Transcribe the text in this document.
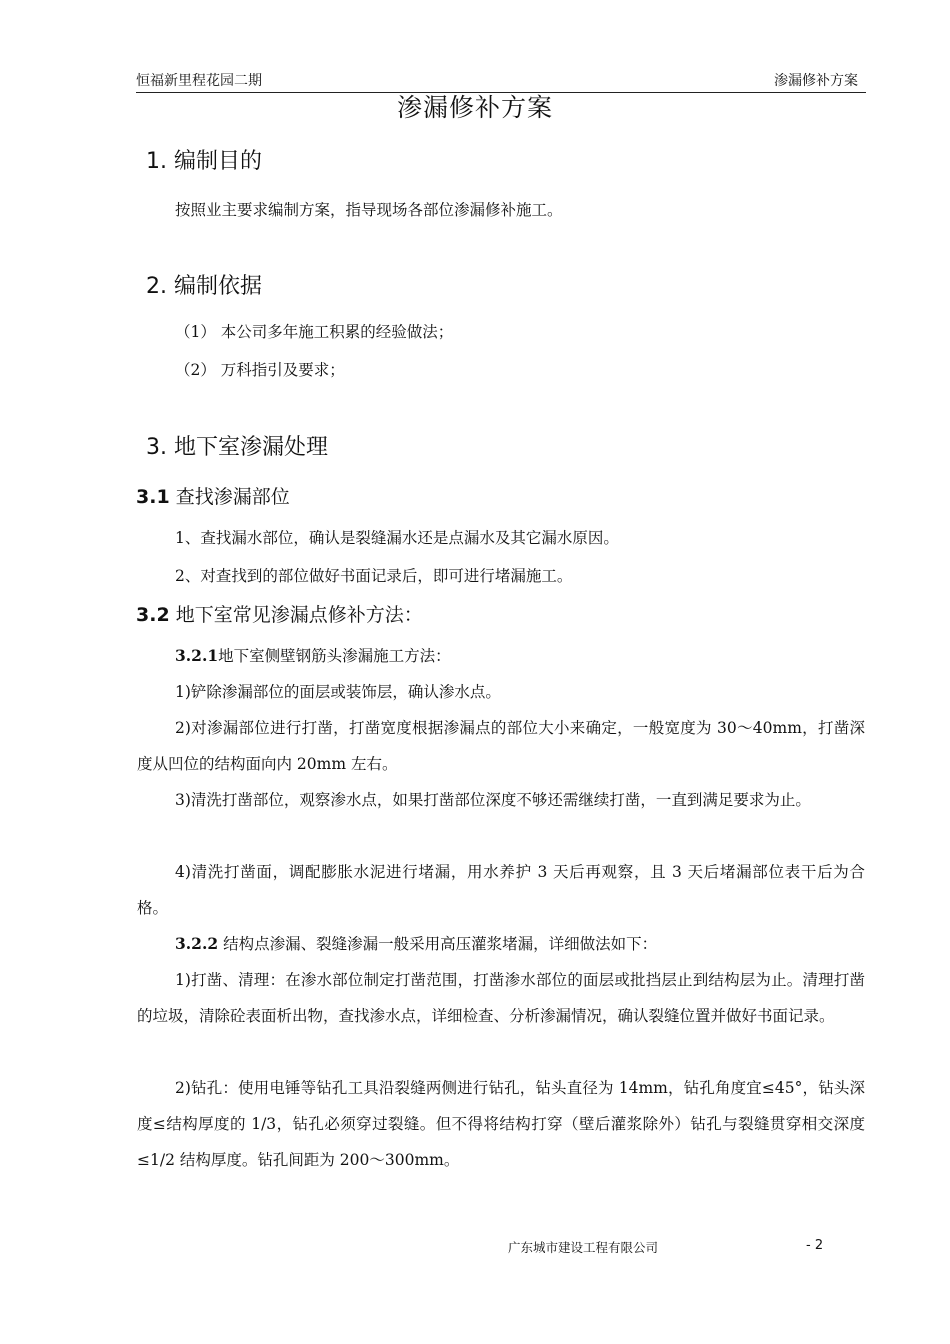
恒福新里程花园二期	渗漏修补方案
渗漏修补方案
1. 编制目的
按照业主要求编制方案，指导现场各部位渗漏修补施工。
2. 编制依据
（1） 本公司多年施工积累的经验做法；
（2） 万科指引及要求；
3. 地下室渗漏处理
3.1 查找渗漏部位
1、查找漏水部位，确认是裂缝漏水还是点漏水及其它漏水原因。
2、对查找到的部位做好书面记录后，即可进行堵漏施工。
3.2 地下室常见渗漏点修补方法：
3.2.1地下室侧壁钢筋头渗漏施工方法：
1)铲除渗漏部位的面层或装饰层，确认渗水点。
2)对渗漏部位进行打凿，打凿宽度根据渗漏点的部位大小来确定，一般宽度为 30～40mm，打凿深度从凹位的结构面向内 20mm 左右。
3)清洗打凿部位，观察渗水点，如果打凿部位深度不够还需继续打凿，一直到满足要求为止。
4)清洗打凿面，调配膨胀水泥进行堵漏，用水养护 3 天后再观察，且 3 天后堵漏部位表干后为合格。
3.2.2 结构点渗漏、裂缝渗漏一般采用高压灌浆堵漏，详细做法如下：
1)打凿、清理：在渗水部位制定打凿范围，打凿渗水部位的面层或批挡层止到结构层为止。清理打凿的垃圾，清除砼表面析出物，查找渗水点，详细检查、分析渗漏情况，确认裂缝位置并做好书面记录。
2)钻孔：使用电锤等钻孔工具沿裂缝两侧进行钻孔，钻头直径为 14mm，钻孔角度宜≤45°，钻头深度≤结构厚度的 1/3，钻孔必须穿过裂缝。但不得将结构打穿（壁后灌浆除外）钻孔与裂缝贯穿相交深度≤1/2 结构厚度。钻孔间距为 200～300mm。
广东城市建设工程有限公司	- 2
